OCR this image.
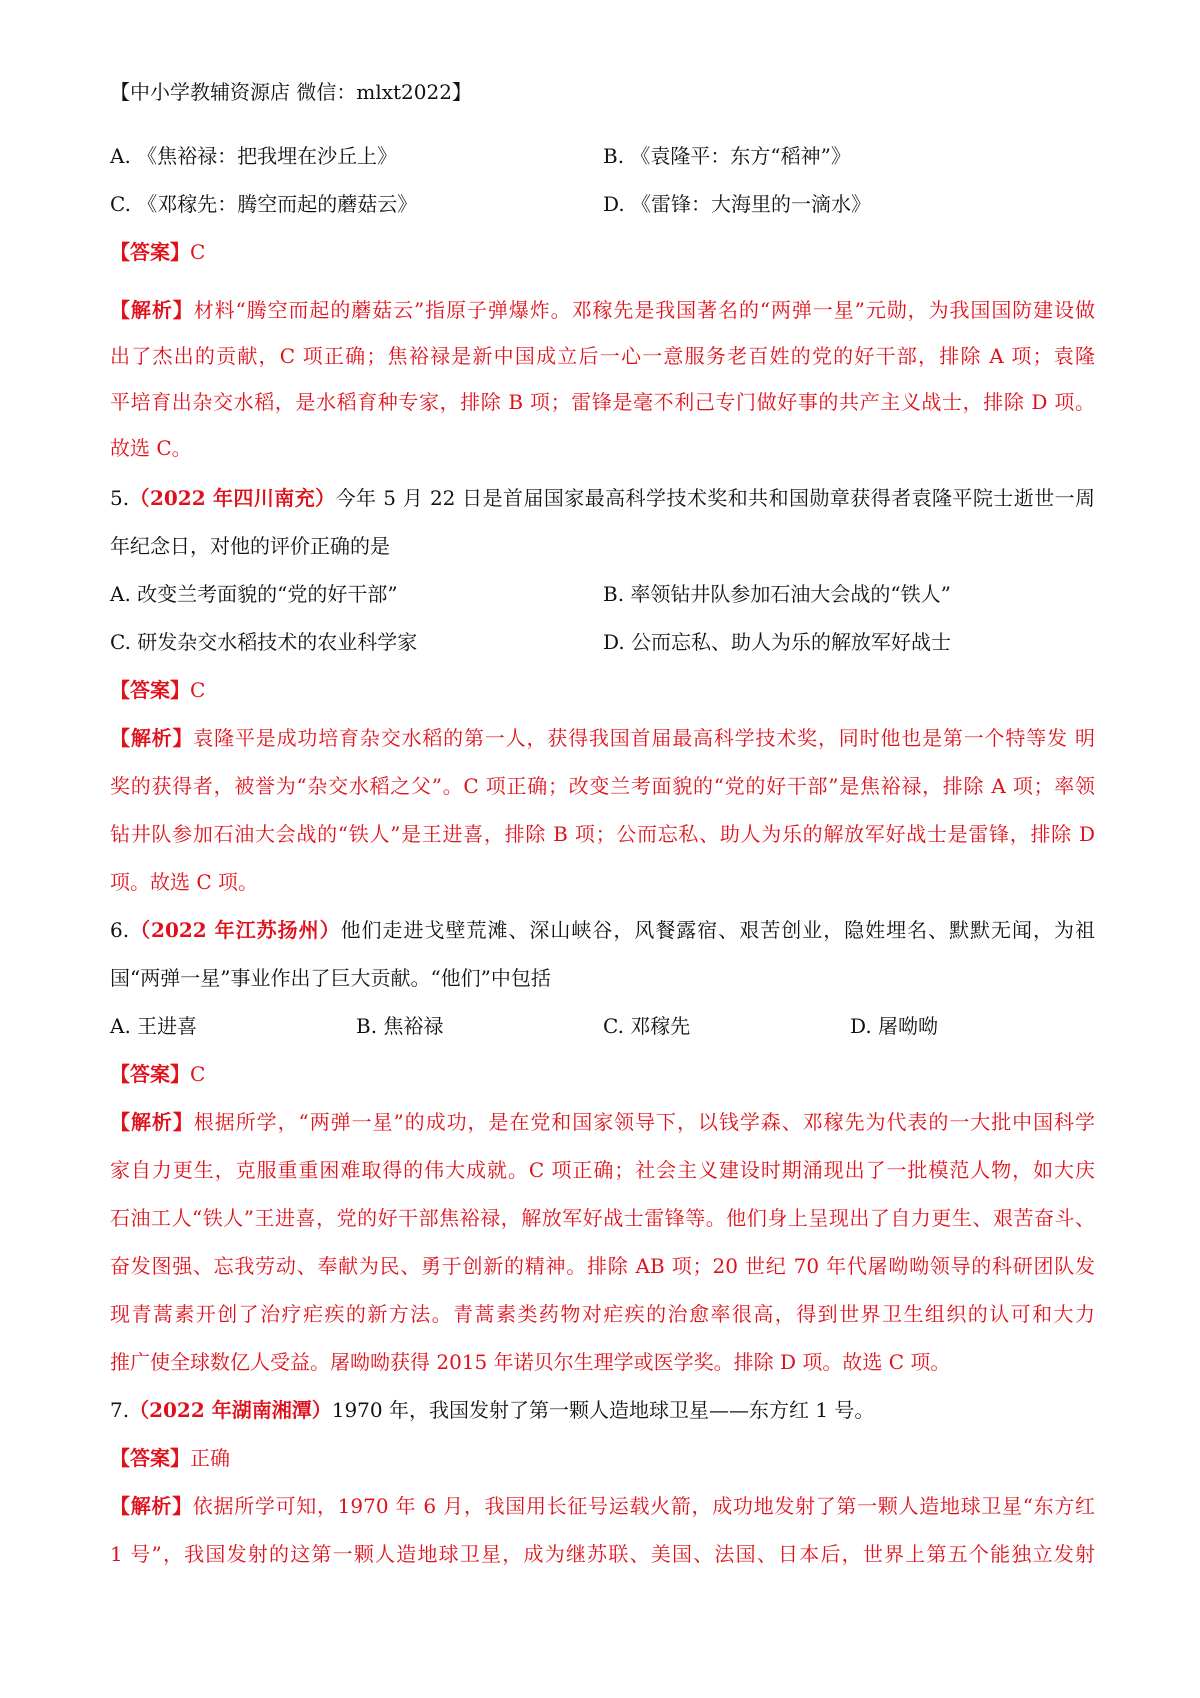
【中小学教辅资源店 微信：mlxt2022】
A. 《焦裕禄：把我埋在沙丘上》	B. 《袁隆平：东方“稻神”》
C. 《邓稼先：腾空而起的蘑菇云》	D. 《雷锋：大海里的一滴水》
【答案】C
【解析】材料“腾空而起的蘑菇云”指原子弹爆炸。邓稼先是我国著名的“两弹一星”元勋，为我国国防建设做
出了杰出的贡献，C 项正确；焦裕禄是新中国成立后一心一意服务老百姓的党的好干部，排除 A 项；袁隆
平培育出杂交水稻，是水稻育种专家，排除 B 项；雷锋是毫不利己专门做好事的共产主义战士，排除 D 项。
故选 C。
5.（2022 年四川南充）今年 5 月 22 日是首届国家最高科学技术奖和共和国勋章获得者袁隆平院士逝世一周
年纪念日，对他的评价正确的是
A. 改变兰考面貌的“党的好干部”	B. 率领钻井队参加石油大会战的“铁人”
C. 研发杂交水稻技术的农业科学家	D. 公而忘私、助人为乐的解放军好战士
【答案】C
【解析】袁隆平是成功培育杂交水稻的第一人，获得我国首届最高科学技术奖，同时他也是第一个特等发 明
奖的获得者，被誉为“杂交水稻之父”。C 项正确；改变兰考面貌的“党的好干部”是焦裕禄，排除 A 项；率领
钻井队参加石油大会战的“铁人”是王进喜，排除 B 项；公而忘私、助人为乐的解放军好战士是雷锋，排除 D
项。故选 C 项。
6.（2022 年江苏扬州）他们走进戈壁荒滩、深山峡谷，风餐露宿、艰苦创业，隐姓埋名、默默无闻，为祖
国“两弹一星”事业作出了巨大贡献。“他们”中包括
A. 王进喜	B. 焦裕禄	C. 邓稼先	D. 屠呦呦
【答案】C
【解析】根据所学，“两弹一星”的成功，是在党和国家领导下，以钱学森、邓稼先为代表的一大批中国科学
家自力更生，克服重重困难取得的伟大成就。C 项正确；社会主义建设时期涌现出了一批模范人物，如大庆
石油工人“铁人”王进喜，党的好干部焦裕禄，解放军好战士雷锋等。他们身上呈现出了自力更生、艰苦奋斗、
奋发图强、忘我劳动、奉献为民、勇于创新的精神。排除 AB 项；20 世纪 70 年代屠呦呦领导的科研团队发
现青蒿素开创了治疗疟疾的新方法。青蒿素类药物对疟疾的治愈率很高，得到世界卫生组织的认可和大力
推广使全球数亿人受益。屠呦呦获得 2015 年诺贝尔生理学或医学奖。排除 D 项。故选 C 项。
7.（2022 年湖南湘潭）1970 年，我国发射了第一颗人造地球卫星——东方红 1 号。
【答案】正确
【解析】依据所学可知，1970 年 6 月，我国用长征号运载火箭，成功地发射了第一颗人造地球卫星“东方红
1 号”，我国发射的这第一颗人造地球卫星，成为继苏联、美国、法国、日本后，世界上第五个能独立发射
